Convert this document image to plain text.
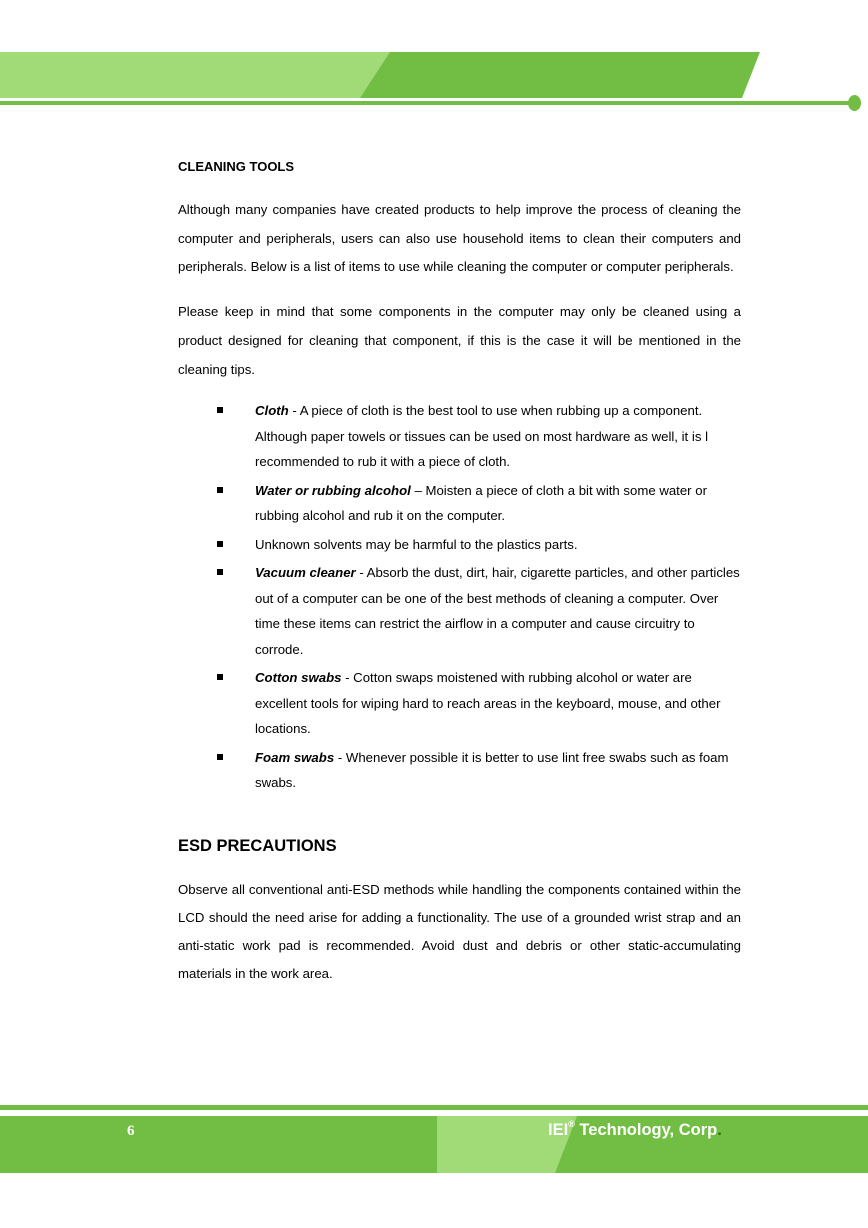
CLEANING TOOLS

Although many companies have created products to help improve the process of cleaning the computer and peripherals, users can also use household items to clean their computers and peripherals. Below is a list of items to use while cleaning the computer or computer peripherals.

Please keep in mind that some components in the computer may only be cleaned using a product designed for cleaning that component, if this is the case it will be mentioned in the cleaning tips.

Cloth - A piece of cloth is the best tool to use when rubbing up a component. Although paper towels or tissues can be used on most hardware as well, it is l recommended to rub it with a piece of cloth.
Water or rubbing alcohol – Moisten a piece of cloth a bit with some water or rubbing alcohol and rub it on the computer.
Unknown solvents may be harmful to the plastics parts.
Vacuum cleaner - Absorb the dust, dirt, hair, cigarette particles, and other particles out of a computer can be one of the best methods of cleaning a computer. Over time these items can restrict the airflow in a computer and cause circuitry to corrode.
Cotton swabs - Cotton swaps moistened with rubbing alcohol or water are excellent tools for wiping hard to reach areas in the keyboard, mouse, and other locations.
Foam swabs - Whenever possible it is better to use lint free swabs such as foam swabs.
ESD PRECAUTIONS

Observe all conventional anti-ESD methods while handling the components contained within the LCD should the need arise for adding a functionality. The use of a grounded wrist strap and an anti-static work pad is recommended. Avoid dust and debris or other static-accumulating materials in the work area.

6	IEI® Technology, Corp.
